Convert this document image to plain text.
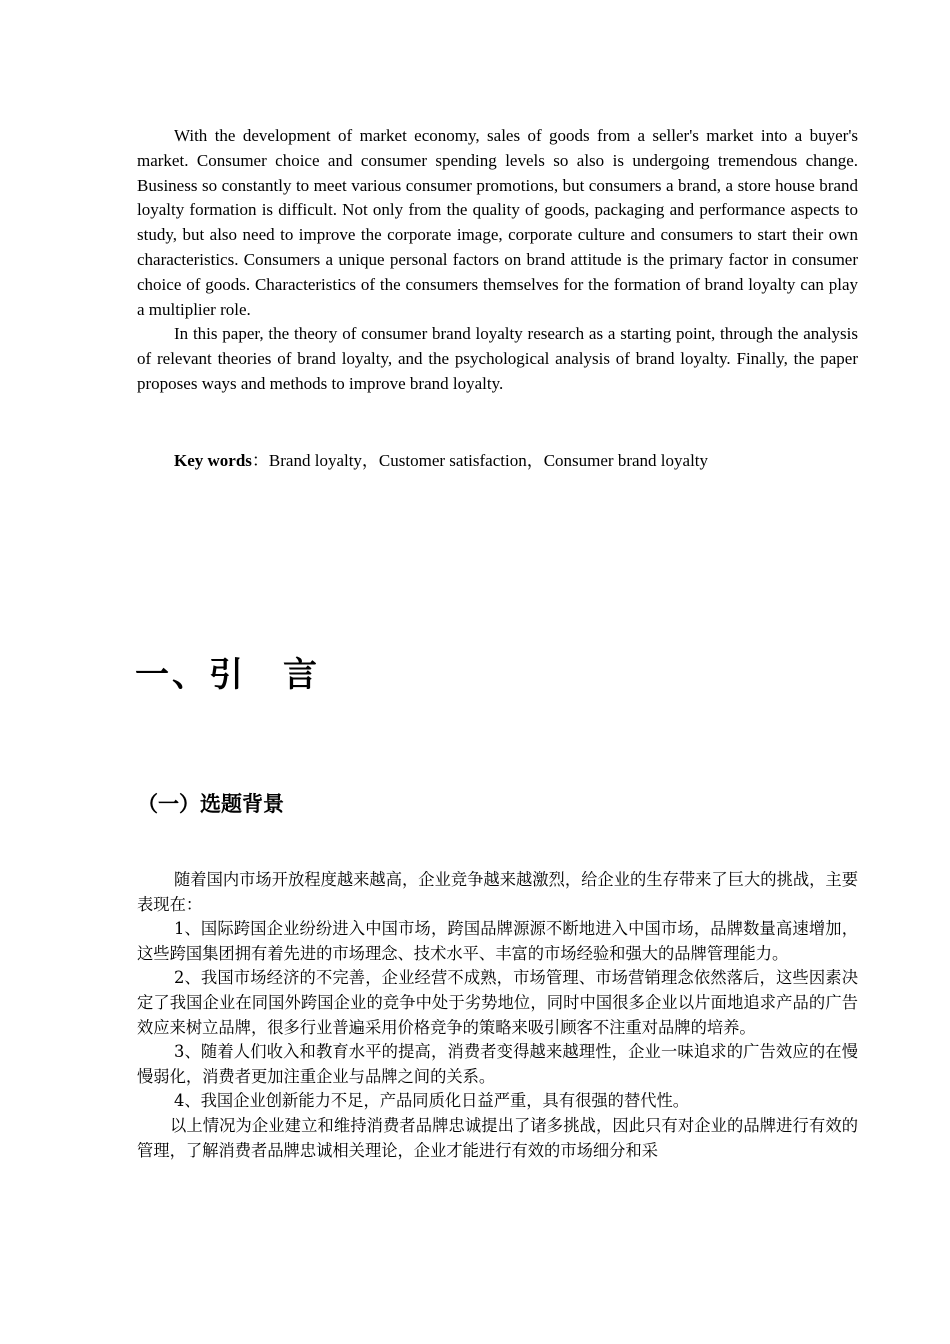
With the development of market economy, sales of goods from a seller's market into a buyer's market. Consumer choice and consumer spending levels so also is undergoing tremendous change. Business so constantly to meet various consumer promotions, but consumers a brand, a store house brand loyalty formation is difficult. Not only from the quality of goods, packaging and performance aspects to study, but also need to improve the corporate image, corporate culture and consumers to start their own characteristics. Consumers a unique personal factors on brand attitude is the primary factor in consumer choice of goods. Characteristics of the consumers themselves for the formation of brand loyalty can play a multiplier role.

In this paper, the theory of consumer brand loyalty research as a starting point, through the analysis of relevant theories of brand loyalty, and the psychological analysis of brand loyalty. Finally, the paper proposes ways and methods to improve brand loyalty.

Key words：Brand loyalty，Customer satisfaction，Consumer brand loyalty
一、引　言
（一）选题背景

随着国内市场开放程度越来越高，企业竞争越来越激烈，给企业的生存带来了巨大的挑战，主要表现在：

1、国际跨国企业纷纷进入中国市场，跨国品牌源源不断地进入中国市场，品牌数量高速增加，这些跨国集团拥有着先进的市场理念、技术水平、丰富的市场经验和强大的品牌管理能力。

2、我国市场经济的不完善，企业经营不成熟，市场管理、市场营销理念依然落后，这些因素决定了我国企业在同国外跨国企业的竞争中处于劣势地位，同时中国很多企业以片面地追求产品的广告效应来树立品牌，很多行业普遍采用价格竞争的策略来吸引顾客不注重对品牌的培养。

3、随着人们收入和教育水平的提高，消费者变得越来越理性，企业一味追求的广告效应的在慢慢弱化，消费者更加注重企业与品牌之间的关系。

4、我国企业创新能力不足，产品同质化日益严重，具有很强的替代性。

以上情况为企业建立和维持消费者品牌忠诚提出了诸多挑战，因此只有对企业的品牌进行有效的管理，了解消费者品牌忠诚相关理论，企业才能进行有效的市场细分和采
